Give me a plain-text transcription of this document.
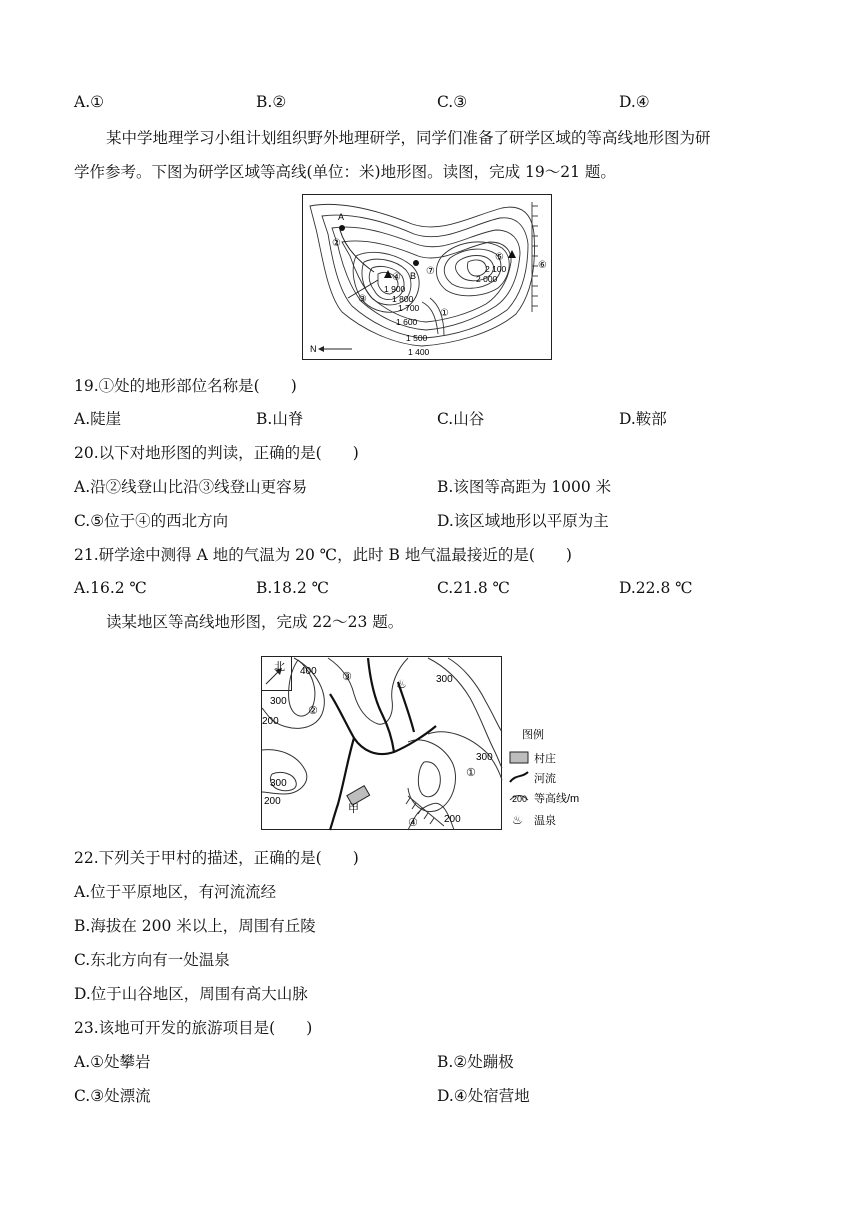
A.①	B.②	C.③	D.④
某中学地理学习小组计划组织野外地理研学，同学们准备了研学区域的等高线地形图为研
学作参考。下图为研学区域等高线(单位：米)地形图。读图，完成 19～21 题。
A
B
②
③
④
⑤
⑥
⑦
①
N
1 900
1 800
1 700
1 600
1 500
1 400
2 100
2 000
19.①处的地形部位名称是(　　)
A.陡崖	B.山脊	C.山谷	D.鞍部
20.以下对地形图的判读，正确的是(　　)
A.沿②线登山比沿③线登山更容易	B.该图等高距为 1000 米
C.⑤位于④的西北方向	D.该区域地形以平原为主
21.研学途中测得 A 地的气温为 20 ℃，此时 B 地气温最接近的是(　　)
A.16.2 ℃	B.18.2 ℃	C.21.8 ℃	D.22.8 ℃
读某地区等高线地形图，完成 22～23 题。
北
♨
400
300
200
300
200
300
300
200
③
②
①
④
甲
图例
村庄
河流
200 等高线/m
♨ 温泉
22.下列关于甲村的描述，正确的是(　　)
A.位于平原地区，有河流流经
B.海拔在 200 米以上，周围有丘陵
C.东北方向有一处温泉
D.位于山谷地区，周围有高大山脉
23.该地可开发的旅游项目是(　　)
A.①处攀岩	B.②处蹦极
C.③处漂流	D.④处宿营地
